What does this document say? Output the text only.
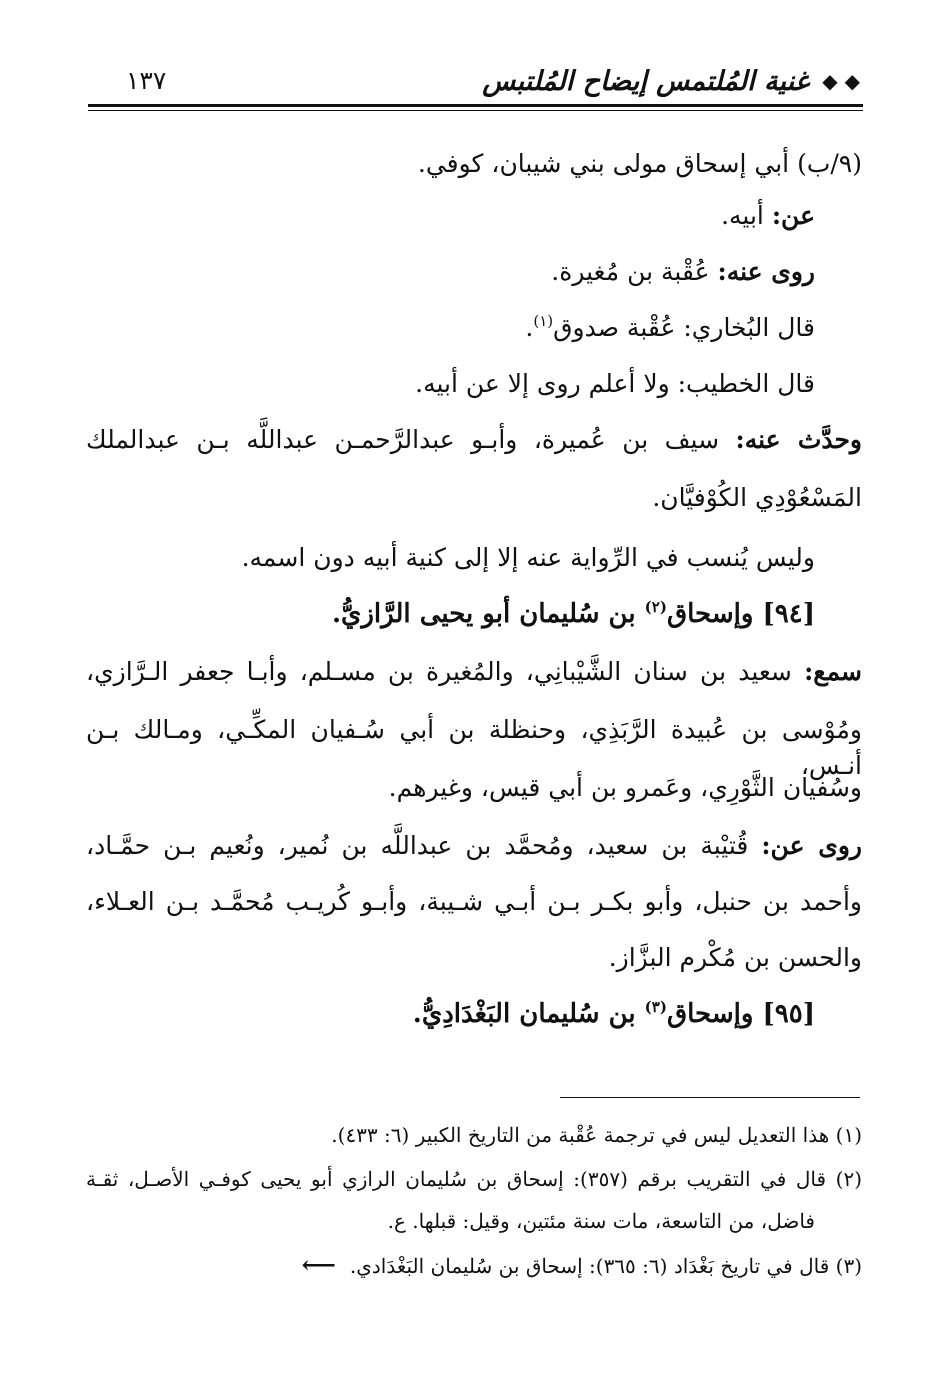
◆ ◆ غنية المُلتمس إيضاح المُلتبس
١٣٧
(٩/ب) أبي إسحاق مولى بني شيبان، كوفي.
عن: أبيه.
روى عنه: عُقْبة بن مُغيرة.
قال البُخاري: عُقْبة صدوق$^{(١)}$.
قال الخطيب: ولا أعلم روى إلا عن أبيه.
وحدَّث عنه: سيف بن عُميرة، وأبـو عبدالرَّحمـن عبداللَّه بـن عبدالملك
المَسْعُوْدِي الكُوْفيَّان.
وليس يُنسب في الرِّواية عنه إلا إلى كنية أبيه دون اسمه.
[٩٤] وإسحاق$^{(٢)}$ بن سُليمان أبو يحيى الرَّازيُّ.
سمع: سعيد بن سنان الشَّيْبانِي، والمُغيرة بن مسـلم، وأبـا جعفر الـرَّازي،
ومُوْسى بن عُبيدة الرَّبَذِي، وحنظلة بن أبي سُـفيان المكِّـي، ومـالك بـن أنـس،
وسُفيان الثَّوْرِي، وعَمرو بن أبي قيس، وغيرهم.
روى عن: قُتيْبة بن سعيد، ومُحمَّد بن عبداللَّه بن نُمير، ونُعيم بـن حمَّـاد،
وأحمد بن حنبل، وأبو بكـر بـن أبـي شـيبة، وأبـو كُريـب مُحمَّـد بـن العـلاء،
والحسن بن مُكْرم البزَّاز.
[٩٥] وإسحاق$^{(٣)}$ بن سُليمان البَغْدَادِيُّ.
(١) هذا التعديل ليس في ترجمة عُقْبة من التاريخ الكبير (٦: ٤٣٣).
(٢) قال في التقريب برقم (٣٥٧): إسحاق بن سُليمان الرازي أبو يحيى كوفـي الأصـل، ثقـة
فاضل، من التاسعة، مات سنة مئتين، وقيل: قبلها. ع.
(٣) قال في تاريخ بَغْدَاد (٦: ٣٦٥): إسحاق بن سُليمان البَغْدَادي.⟵
